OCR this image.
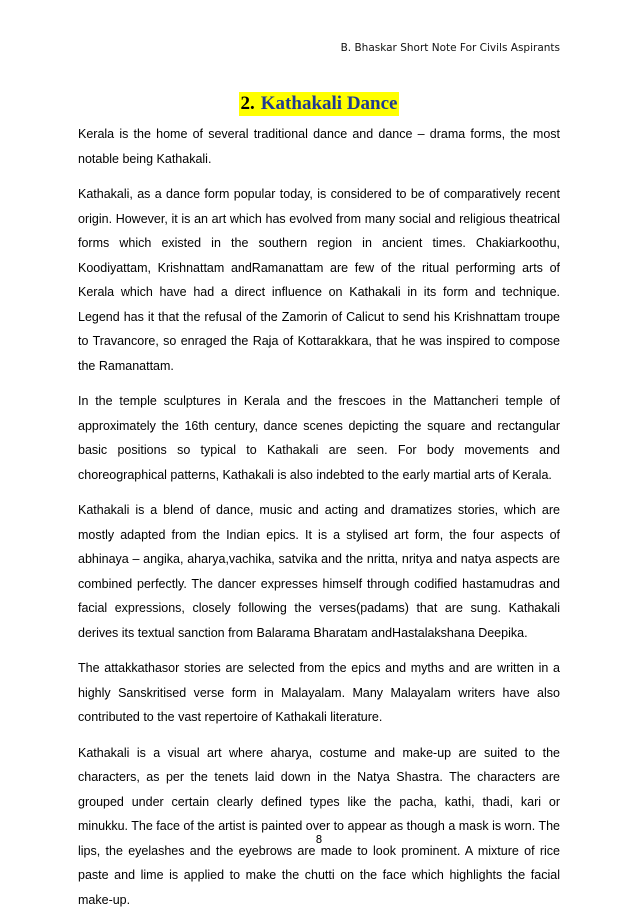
B. Bhaskar Short Note For Civils Aspirants
2. Kathakali Dance

Kerala is the home of several traditional dance and dance – drama forms, the most notable being Kathakali.

Kathakali, as a dance form popular today, is considered to be of comparatively recent origin. However, it is an art which has evolved from many social and religious theatrical forms which existed in the southern region in ancient times. Chakiarkoothu, Koodiyattam, Krishnattam andRamanattam are few of the ritual performing arts of Kerala which have had a direct influence on Kathakali in its form and technique. Legend has it that the refusal of the Zamorin of Calicut to send his Krishnattam troupe to Travancore, so enraged the Raja of Kottarakkara, that he was inspired to compose the Ramanattam.

In the temple sculptures in Kerala and the frescoes in the Mattancheri temple of approximately the 16th century, dance scenes depicting the square and rectangular basic positions so typical to Kathakali are seen. For body movements and choreographical patterns, Kathakali is also indebted to the early martial arts of Kerala.

Kathakali is a blend of dance, music and acting and dramatizes stories, which are mostly adapted from the Indian epics. It is a stylised art form, the four aspects of abhinaya – angika, aharya,vachika, satvika and the nritta, nritya and natya aspects are combined perfectly. The dancer expresses himself through codified hastamudras and facial expressions, closely following the verses(padams) that are sung. Kathakali derives its textual sanction from Balarama Bharatam andHastalakshana Deepika.

The attakkathasor stories are selected from the epics and myths and are written in a highly Sanskritised verse form in Malayalam. Many Malayalam writers have also contributed to the vast repertoire of Kathakali literature.

Kathakali is a visual art where aharya, costume and make-up are suited to the characters, as per the tenets laid down in the Natya Shastra. The characters are grouped under certain clearly defined types like the pacha, kathi, thadi, kari or minukku. The face of the artist is painted over to appear as though a mask is worn. The lips, the eyelashes and the eyebrows are made to look prominent. A mixture of rice paste and lime is applied to make the chutti on the face which highlights the facial make-up.

8
